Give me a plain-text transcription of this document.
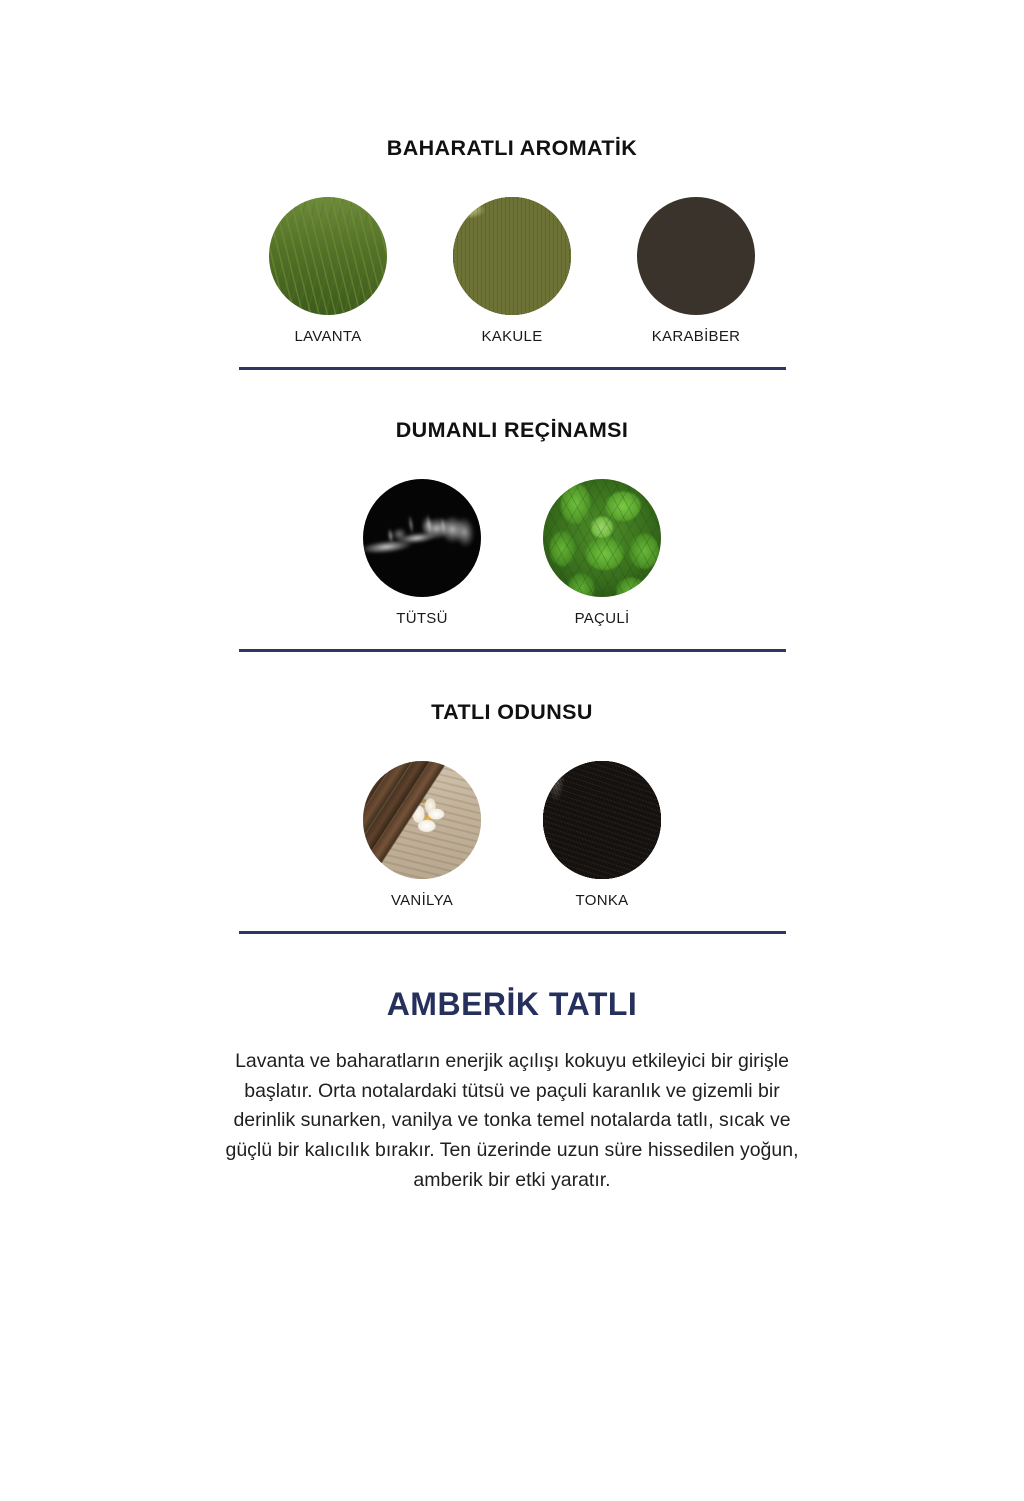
BAHARATLI AROMATİK
LAVANTA	KAKULE	KARABİBER
DUMANLI REÇİNAMSI
TÜTSÜ	PAÇULİ
TATLI ODUNSU
VANİLYA	TONKA
AMBERİK TATLI
Lavanta ve baharatların enerjik açılışı kokuyu etkileyici bir girişle başlatır. Orta notalardaki tütsü ve paçuli karanlık ve gizemli bir derinlik sunarken, vanilya ve tonka temel notalarda tatlı, sıcak ve güçlü bir kalıcılık bırakır. Ten üzerinde uzun süre hissedilen yoğun, amberik bir etki yaratır.
